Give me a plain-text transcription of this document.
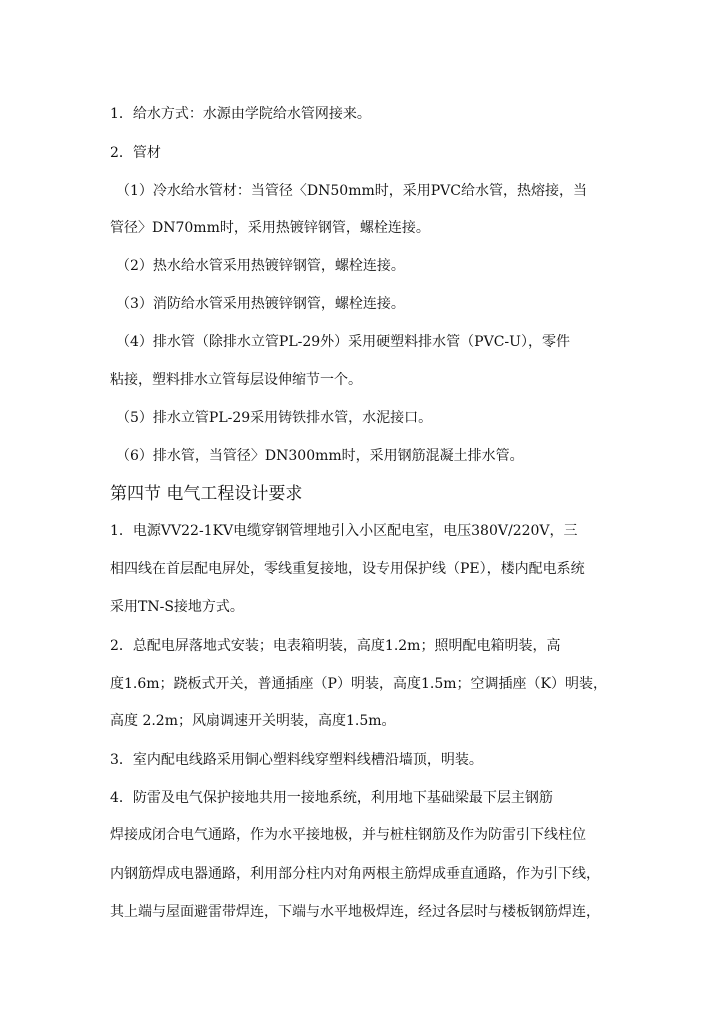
1．给水方式：水源由学院给水管网接来。
2．管材
（1）冷水给水管材：当管径〈DN50mm时，采用PVC给水管，热熔接，当
管径〉DN70mm时，采用热镀锌钢管，螺栓连接。
（2）热水给水管采用热镀锌钢管，螺栓连接。
（3）消防给水管采用热镀锌钢管，螺栓连接。
（4）排水管（除排水立管PL-29外）采用硬塑料排水管（PVC-U），零件
粘接，塑料排水立管每层设伸缩节一个。
（5）排水立管PL-29采用铸铁排水管，水泥接口。
（6）排水管，当管径〉DN300mm时，采用钢筋混凝土排水管。
第四节 电气工程设计要求
1．电源VV22-1KV电缆穿钢管埋地引入小区配电室，电压380V/220V，三
相四线在首层配电屏处，零线重复接地，设专用保护线（PE），楼内配电系统
采用TN-S接地方式。
2．总配电屏落地式安装；电表箱明装，高度1.2m；照明配电箱明装，高
度1.6m；跷板式开关，普通插座（P）明装，高度1.5m；空调插座（K）明装，
高度 2.2m；风扇调速开关明装，高度1.5m。
3．室内配电线路采用铜心塑料线穿塑料线槽沿墙顶，明装。
4．防雷及电气保护接地共用一接地系统，利用地下基础梁最下层主钢筋
焊接成闭合电气通路，作为水平接地极，并与桩柱钢筋及作为防雷引下线柱位
内钢筋焊成电器通路，利用部分柱内对角两根主筋焊成垂直通路，作为引下线，
其上端与屋面避雷带焊连，下端与水平地极焊连，经过各层时与楼板钢筋焊连，
